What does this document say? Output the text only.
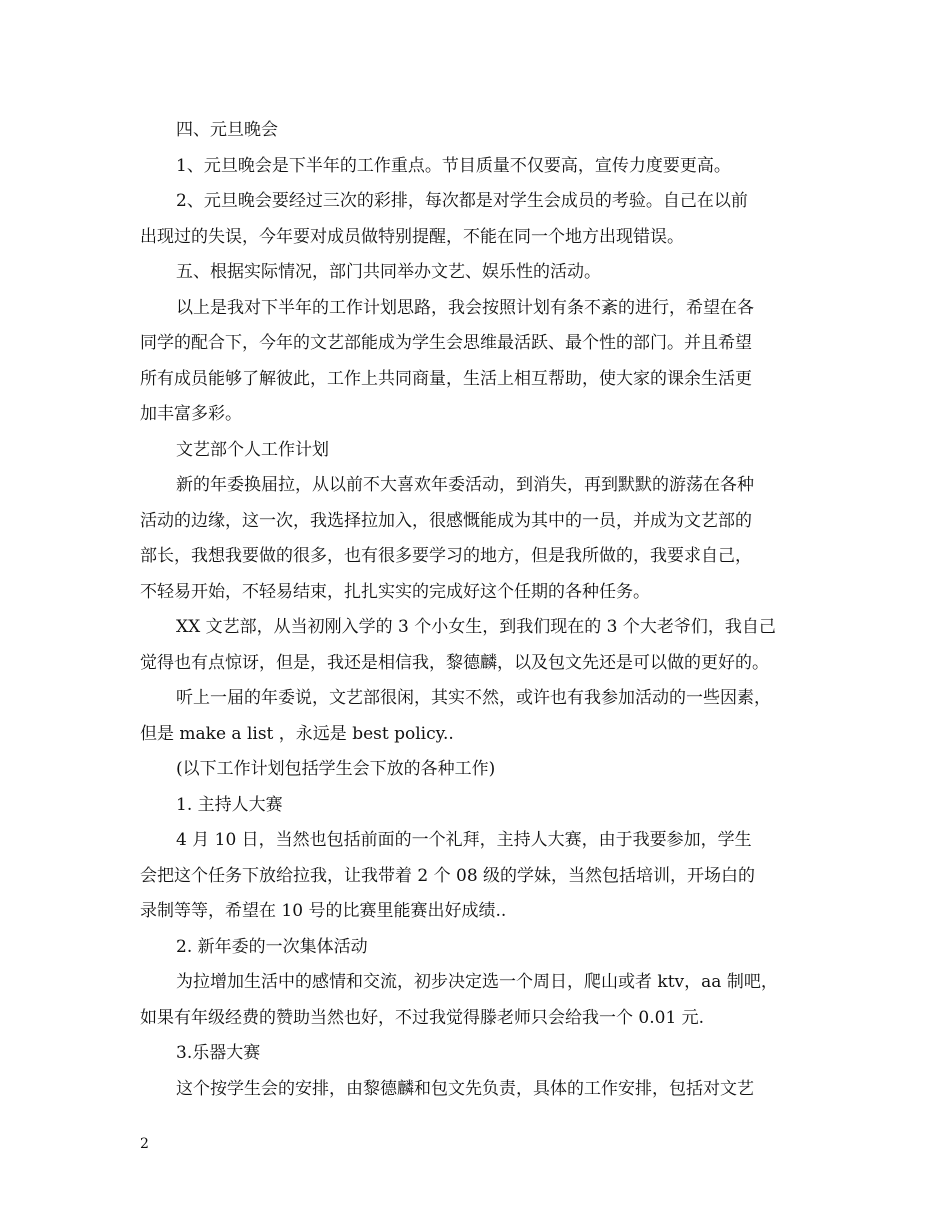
四、元旦晚会
1、元旦晚会是下半年的工作重点。节目质量不仅要高，宣传力度要更高。
2、元旦晚会要经过三次的彩排，每次都是对学生会成员的考验。自己在以前
出现过的失误，今年要对成员做特别提醒，不能在同一个地方出现错误。
五、根据实际情况，部门共同举办文艺、娱乐性的活动。
以上是我对下半年的工作计划思路，我会按照计划有条不紊的进行，希望在各
同学的配合下，今年的文艺部能成为学生会思维最活跃、最个性的部门。并且希望
所有成员能够了解彼此，工作上共同商量，生活上相互帮助，使大家的课余生活更
加丰富多彩。
文艺部个人工作计划
新的年委换届拉，从以前不大喜欢年委活动，到消失，再到默默的游荡在各种
活动的边缘，这一次，我选择拉加入，很感慨能成为其中的一员，并成为文艺部的
部长，我想我要做的很多，也有很多要学习的地方，但是我所做的，我要求自己，
不轻易开始，不轻易结束，扎扎实实的完成好这个任期的各种任务。
XX 文艺部，从当初刚入学的 3 个小女生，到我们现在的 3 个大老爷们，我自己
觉得也有点惊讶，但是，我还是相信我，黎德麟，以及包文先还是可以做的更好的。
听上一届的年委说，文艺部很闲，其实不然，或许也有我参加活动的一些因素，
但是 make a list ，永远是 best policy..
(以下工作计划包括学生会下放的各种工作)
1. 主持人大赛
4 月 10 日，当然也包括前面的一个礼拜，主持人大赛，由于我要参加，学生
会把这个任务下放给拉我，让我带着 2 个 08 级的学妹，当然包括培训，开场白的
录制等等，希望在 10 号的比赛里能赛出好成绩..
2. 新年委的一次集体活动
为拉增加生活中的感情和交流，初步决定选一个周日，爬山或者 ktv，aa 制吧，
如果有年级经费的赞助当然也好，不过我觉得滕老师只会给我一个 0.01 元.
3.乐器大赛
这个按学生会的安排，由黎德麟和包文先负责，具体的工作安排，包括对文艺
2
